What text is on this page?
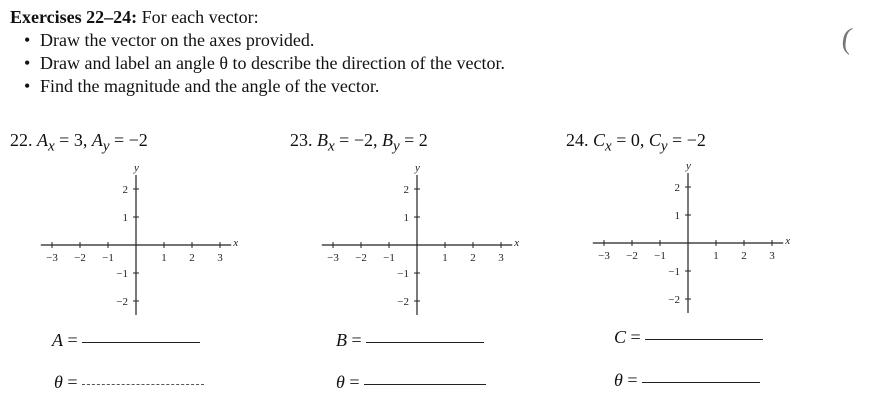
Exercises 22–24: For each vector:
• Draw the vector on the axes provided.
• Draw and label an angle θ to describe the direction of the vector.
• Find the magnitude and the angle of the vector.
(
22. $A_x = 3$, $A_y = -2$	23. $B_x = -2$, $B_y = 2$	24. $C_x = 0$, $C_y = -2$
−3 −2 −1	1 2 3
2
1
−1
−2
x
y
−3 −2 −1	1 2 3
2
1
−1
−2
x
y
−3 −2 −1	1 2 3
2
1
−1
−2
x
y
A =
θ =
B =
θ =
C =
θ =
